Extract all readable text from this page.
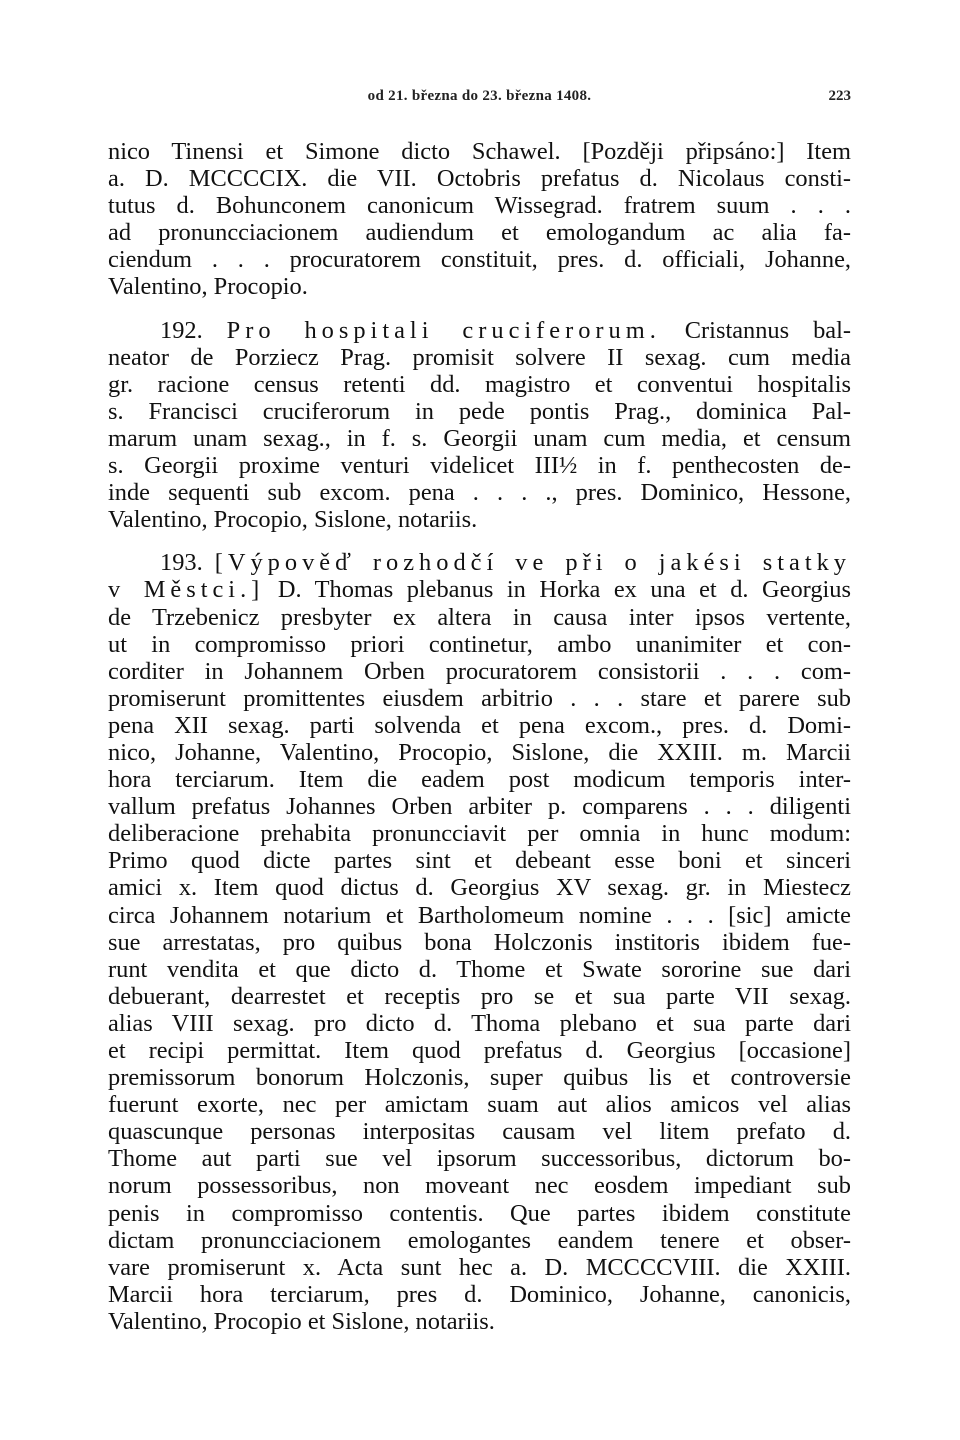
od 21. března do 23. března 1408.	223
nico Tinensi et Simone dicto Schawel. [Později připsáno:] Item
a. D. MCCCCIX. die VII. Octobris prefatus d. Nicolaus consti-
tutus d. Bohunconem canonicum Wissegrad. fratrem suum . . .
ad pronuncciacionem audiendum et emologandum ac alia fa-
ciendum . . . procuratorem constituit, pres. d. officiali, Johanne,
Valentino, Procopio.
192. Pro hospitali cruciferorum. Cristannus bal-
neator de Porziecz Prag. promisit solvere II sexag. cum media
gr. racione census retenti dd. magistro et conventui hospitalis
s. Francisci cruciferorum in pede pontis Prag., dominica Pal-
marum unam sexag., in f. s. Georgii unam cum media, et censum
s. Georgii proxime venturi videlicet III½ in f. penthecosten de-
inde sequenti sub excom. pena . . . ., pres. Dominico, Hessone,
Valentino, Procopio, Sislone, notariis.
193. [Výpověď rozhodčí ve při o jakési statky
v Městci.] D. Thomas plebanus in Horka ex una et d. Georgius
de Trzebenicz presbyter ex altera in causa inter ipsos vertente,
ut in compromisso priori continetur, ambo unanimiter et con-
corditer in Johannem Orben procuratorem consistorii . . . com-
promiserunt promittentes eiusdem arbitrio . . . stare et parere sub
pena XII sexag. parti solvenda et pena excom., pres. d. Domi-
nico, Johanne, Valentino, Procopio, Sislone, die XXIII. m. Marcii
hora terciarum. Item die eadem post modicum temporis inter-
vallum prefatus Johannes Orben arbiter p. comparens . . . diligenti
deliberacione prehabita pronuncciavit per omnia in hunc modum:
Primo quod dicte partes sint et debeant esse boni et sinceri
amici x. Item quod dictus d. Georgius XV sexag. gr. in Miestecz
circa Johannem notarium et Bartholomeum nomine . . . [sic] amicte
sue arrestatas, pro quibus bona Holczonis institoris ibidem fue-
runt vendita et que dicto d. Thome et Swate sororine sue dari
debuerant, dearrestet et receptis pro se et sua parte VII sexag.
alias VIII sexag. pro dicto d. Thoma plebano et sua parte dari
et recipi permittat. Item quod prefatus d. Georgius [occasione]
premissorum bonorum Holczonis, super quibus lis et controversie
fuerunt exorte, nec per amictam suam aut alios amicos vel alias
quascunque personas interpositas causam vel litem prefato d.
Thome aut parti sue vel ipsorum successoribus, dictorum bo-
norum possessoribus, non moveant nec eosdem impediant sub
penis in compromisso contentis. Que partes ibidem constitute
dictam pronuncciacionem emologantes eandem tenere et obser-
vare promiserunt x. Acta sunt hec a. D. MCCCCVIII. die XXIII.
Marcii hora terciarum, pres d. Dominico, Johanne, canonicis,
Valentino, Procopio et Sislone, notariis.
